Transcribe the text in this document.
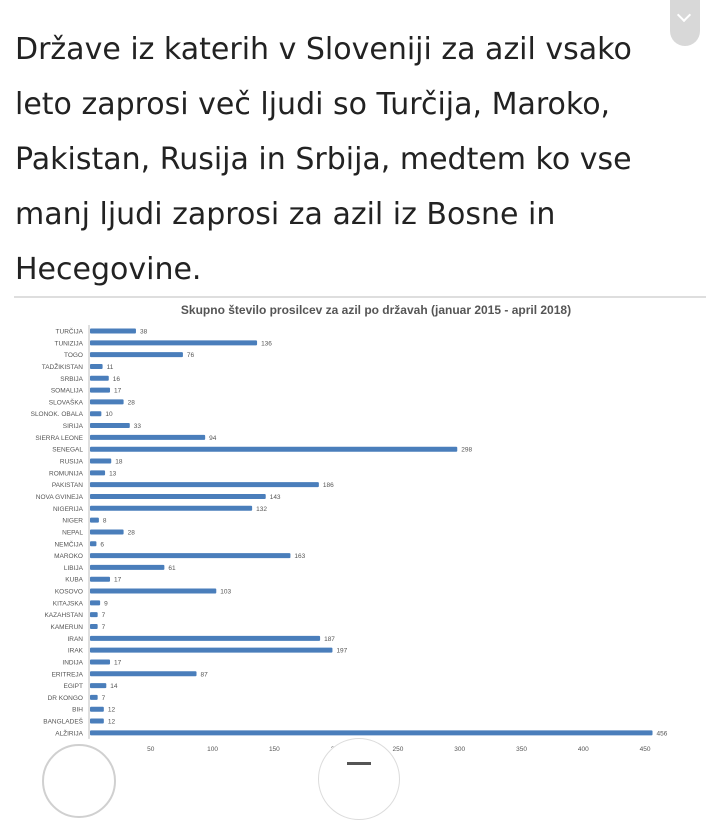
Države iz katerih v Sloveniji za azil vsako leto zaprosi več ljudi so Turčija, Maroko, Pakistan, Rusija in Srbija, medtem ko vse manj ljudi zaprosi za azil iz Bosne in Hecegovine.

Skupno število prosilcev za azil po državah (januar 2015 - april 2018)
TURČIJA	38
TUNIZIJA	136
TOGO	76
TADŽIKISTAN	11
SRBIJA	16
SOMALIJA	17
SLOVAŠKA	28
SLONOK. OBALA	10
SIRIJA	33
SIERRA LEONE	94
SENEGAL	298
RUSIJA	18
ROMUNIJA	13
PAKISTAN	186
NOVA GVINEJA	143
NIGERIJA	132
NIGER	8
NEPAL	28
NEMČIJA	6
MAROKO	163
LIBIJA	61
KUBA	17
KOSOVO	103
KITAJSKA	9
KAZAHSTAN	7
KAMERUN	7
IRAN	187
IRAK	197
INDIJA	17
ERITREJA	87
EGIPT	14
DR KONGO	7
BIH	12
BANGLADEŠ	12
ALŽIRIJA	456
50	100	150	250	300	350	400	450
